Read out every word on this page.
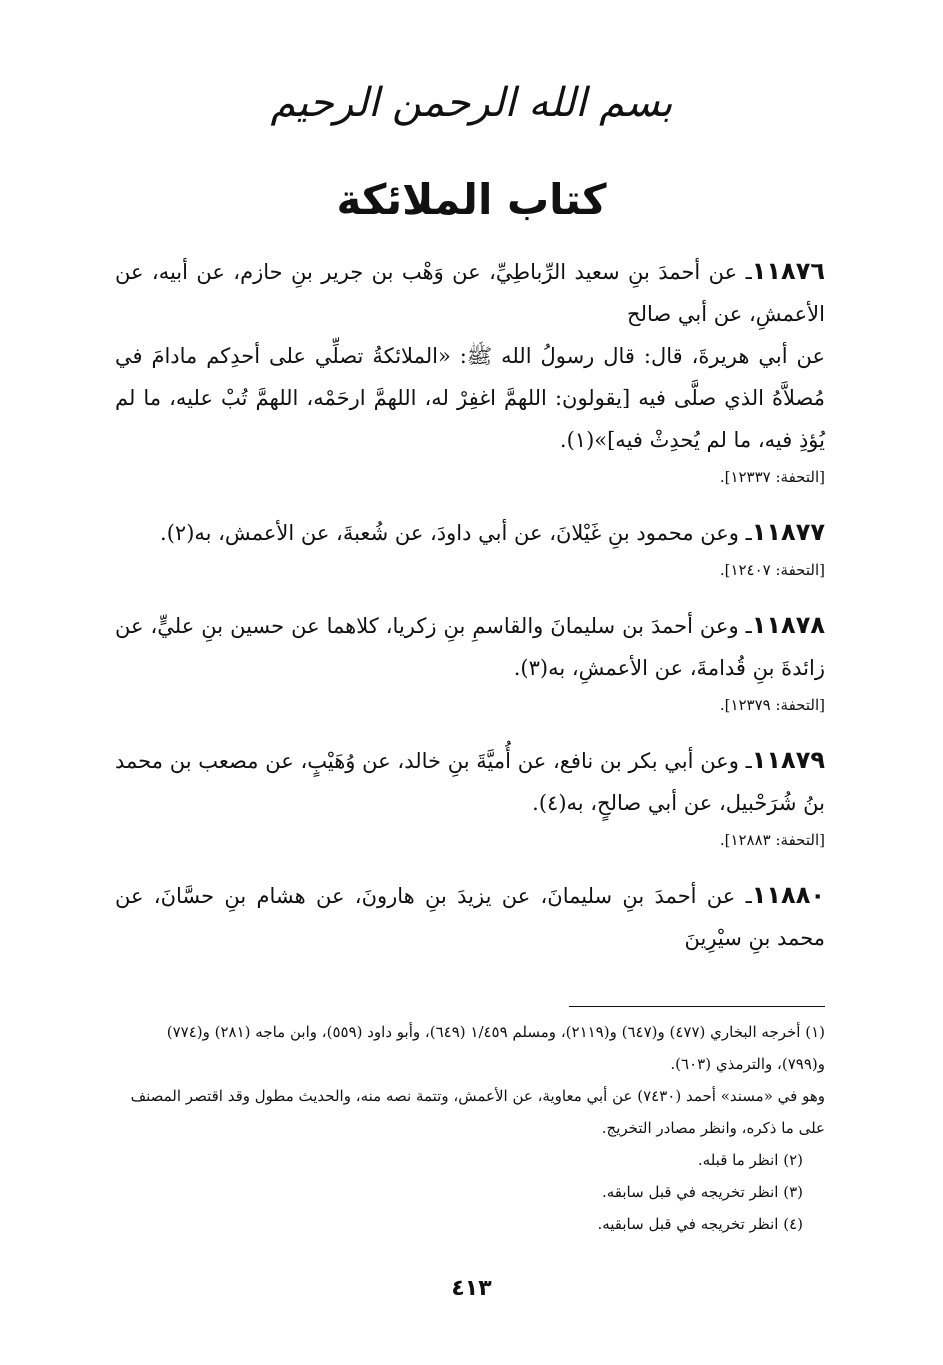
بسم الله الرحمن الرحيم
كتاب الملائكة

١١٨٧٦ـ عن أحمدَ بنِ سعيد الرِّباطِيِّ، عن وَهْب بن جرير بنِ حازم، عن أبيه، عن الأعمشِ، عن أبي صالح

عن أبي هريرةَ، قال: قال رسولُ الله ﷺ: «الملائكةُ تصلِّي على أحدِكم مادامَ في مُصلاَّهُ الذي صلَّى فيه [يقولون: اللهمَّ اغفِرْ له، اللهمَّ ارحَمْه، اللهمَّ تُبْ عليه، ما لم يُؤذِ فيه، ما لم يُحدِثْ فيه]»(١).

[التحفة: ١٢٣٣٧].

١١٨٧٧ـ وعن محمود بنِ غَيْلانَ، عن أبي داودَ، عن شُعبةَ، عن الأعمش، به(٢).

[التحفة: ١٢٤٠٧].

١١٨٧٨ـ وعن أحمدَ بن سليمانَ والقاسمِ بنِ زكريا، كلاهما عن حسين بنِ عليٍّ، عن زائدةَ بنِ قُدامةَ، عن الأعمشِ، به(٣).

[التحفة: ١٢٣٧٩].

١١٨٧٩ـ وعن أبي بكر بن نافع، عن أُميَّةَ بنِ خالد، عن وُهَيْبٍ، عن مصعب بن محمد بنُ شُرَحْبيل، عن أبي صالحٍ، به(٤).

[التحفة: ١٢٨٨٣].

١١٨٨٠ـ عن أحمدَ بنِ سليمانَ، عن يزيدَ بنِ هارونَ، عن هشام بنِ حسَّانَ، عن محمد بنِ سيْرِينَ

(١) أخرجه البخاري (٤٧٧) و(٦٤٧) و(٢١١٩)، ومسلم ١/٤٥٩ (٦٤٩)، وأبو داود (٥٥٩)، وابن ماجه (٢٨١) و(٧٧٤) و(٧٩٩)، والترمذي (٦٠٣).

وهو في «مسند» أحمد (٧٤٣٠) عن أبي معاوية، عن الأعمش، وتتمة نصه منه، والحديث مطول وقد اقتصر المصنف على ما ذكره، وانظر مصادر التخريج.

(٢) انظر ما قبله.

(٣) انظر تخريجه في قبل سابقه.

(٤) انظر تخريجه في قبل سابقيه.

٤١٣
